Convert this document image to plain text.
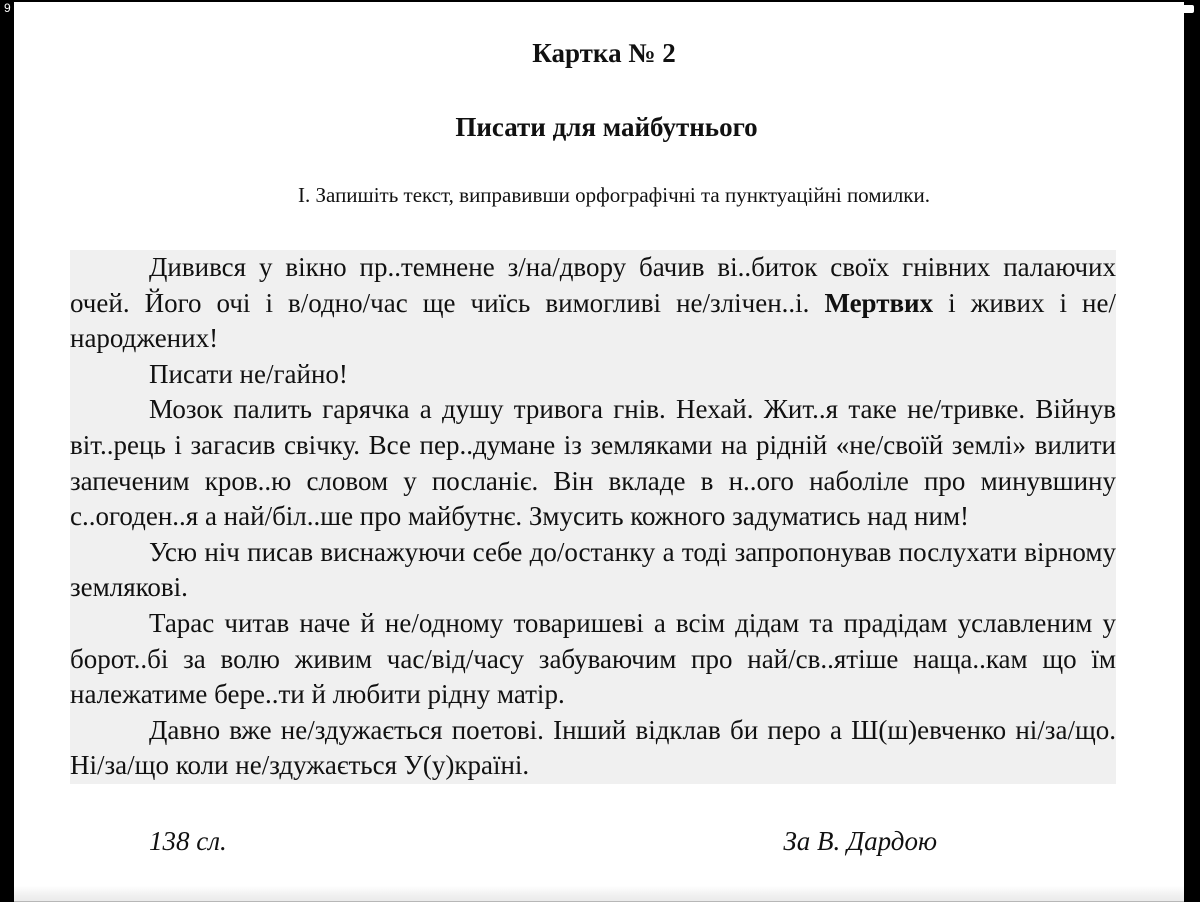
9
Картка № 2
Писати для майбутнього
І. Запишіть текст, виправивши орфографічні та пунктуаційні помилки.

Дивився у вікно пр..темнене з/на/двору бачив ві..биток своїх гнівних палаючих очей. Його очі і в/одно/час ще чиїсь вимогливі не/злічен..і. Мертвих і живих і не/народжених!

Писати не/гайно!

Мозок палить гарячка а душу тривога гнів. Нехай. Жит..я таке не/тривке. Війнув віт..рець і загасив свічку. Все пер..думане із земляками на рідній «не/своїй землі» вилити запеченим кров..ю словом у посланіє. Він вкладе в н..ого наболіле про минувшину с..огоден..я а най/біл..ше про майбутнє. Змусить кожного задуматись над ним!

Усю ніч писав виснажуючи себе до/останку а тоді запропонував послухати вірному землякові.

Тарас читав наче й не/одному товаришеві а всім дідам та прадідам уславленим у борот..бі за волю живим час/від/часу забуваючим про най/св..ятіше наща..кам що їм належатиме бере..ти й любити рідну матір.

Давно вже не/здужається поетові. Інший відклав би перо а Ш(ш)евченко ні/за/що. Ні/за/що коли не/здужається У(у)країні.

138 сл.	За В. Дардою
